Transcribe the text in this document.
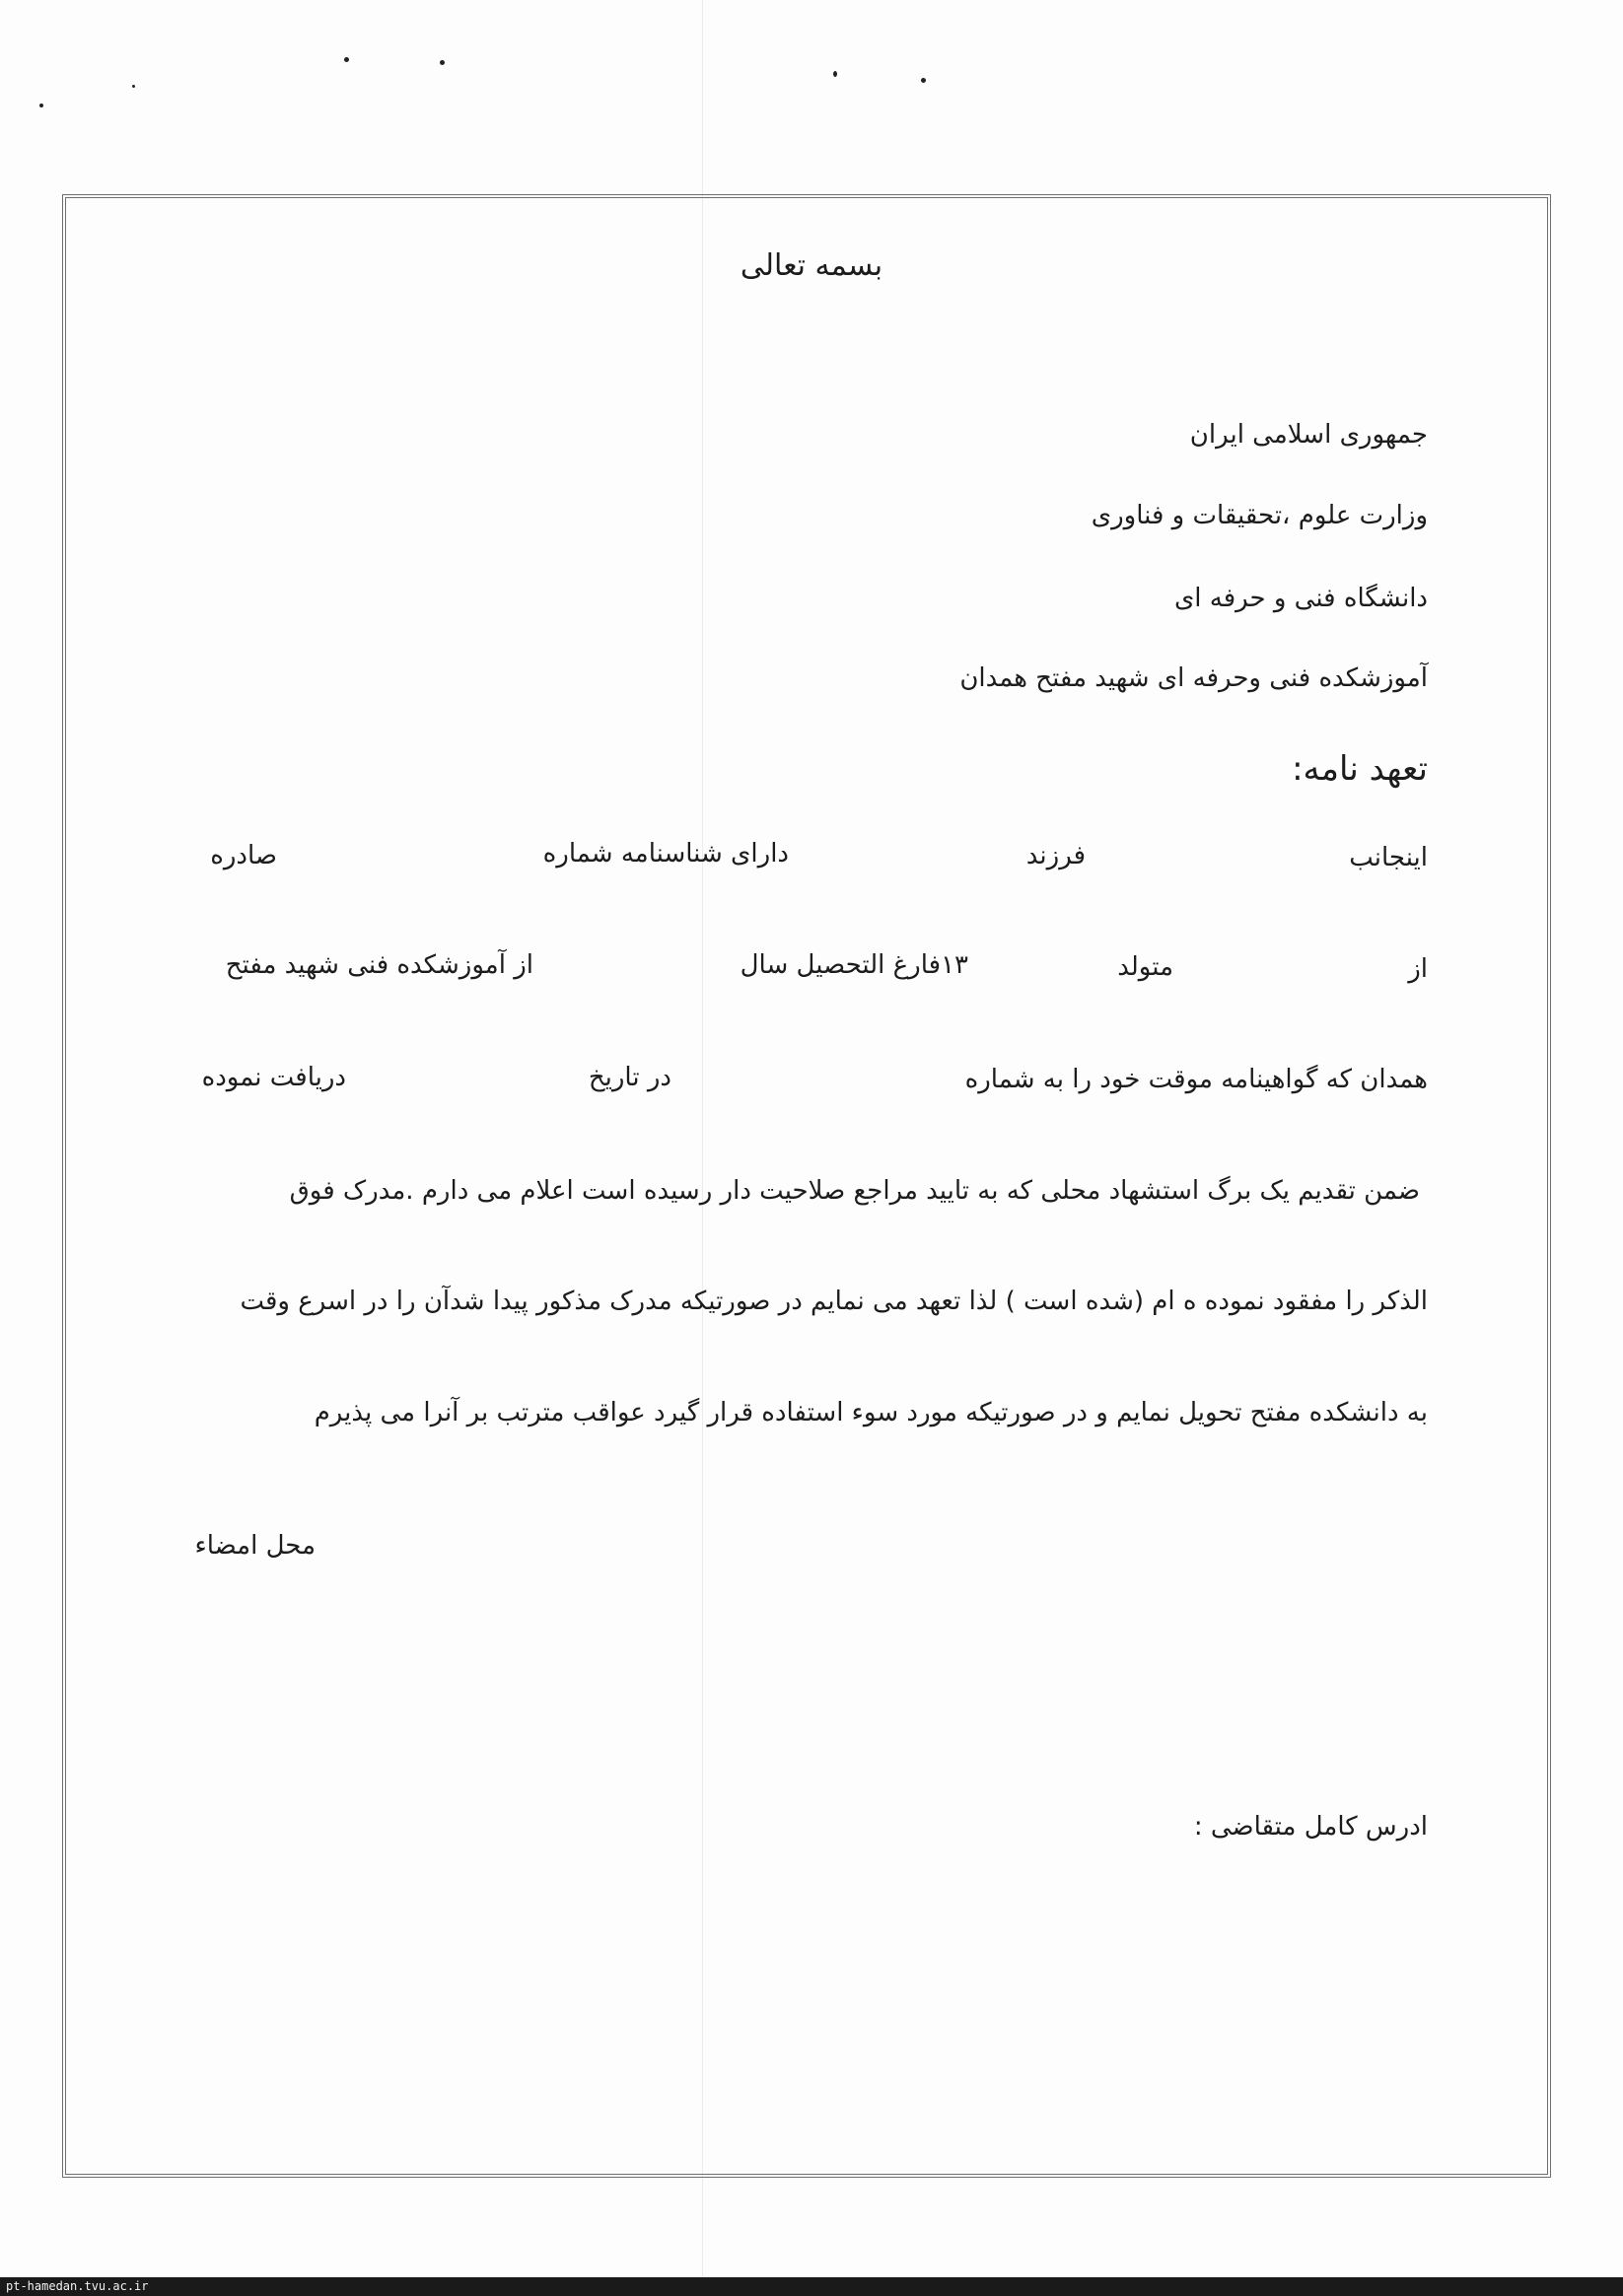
بسمه تعالی
جمهوری اسلامی ایران
وزارت علوم ،تحقیقات و فناوری
دانشگاه فنی و حرفه ای
آموزشکده فنی وحرفه ای شهید مفتح همدان
تعهد نامه:
اینجانب
فرزند
دارای شناسنامه شماره
صادره
از
متولد
۱۳فارغ التحصیل سال
از آموزشکده فنی شهید مفتح
همدان که گواهینامه موقت خود را به شماره
در تاریخ
دریافت نموده
ضمن تقدیم یک برگ استشهاد محلی که به تایید مراجع صلاحیت دار رسیده است اعلام می دارم .مدرک فوق
الذکر را مفقود نموده ه ام (شده است ) لذا تعهد می نمایم در صورتیکه مدرک مذکور پیدا شدآن را در اسرع وقت
به دانشکده مفتح تحویل نمایم و در صورتیکه مورد سوء استفاده قرار گیرد عواقب مترتب بر آنرا می پذیرم
محل امضاء
ادرس کامل متقاضی :
pt-hamedan.tvu.ac.ir
